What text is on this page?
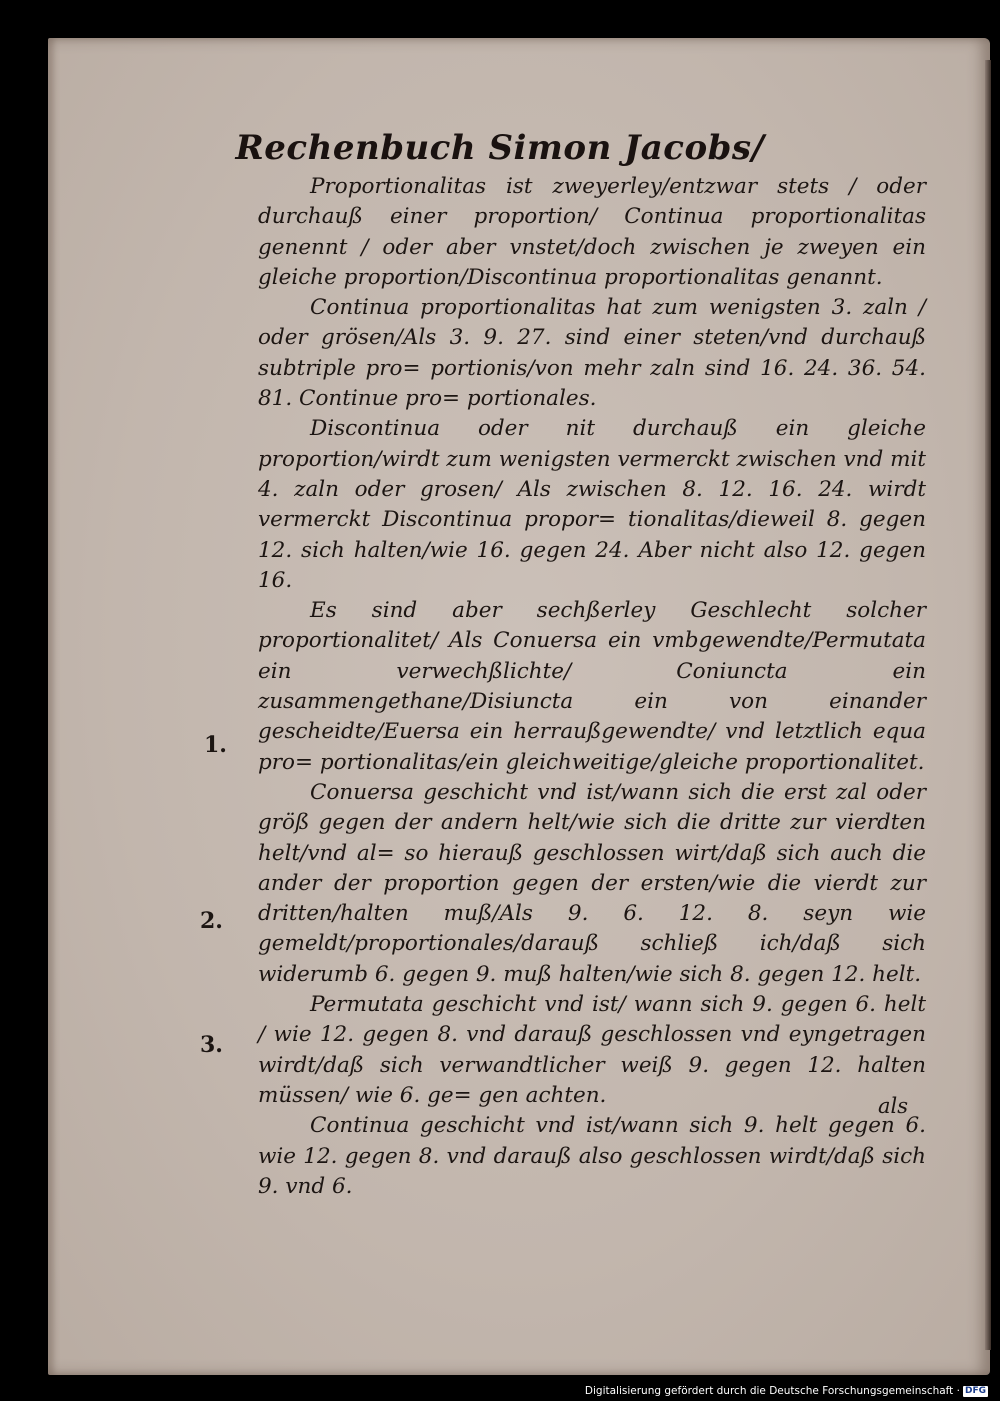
Rechenbuch Simon Jacobs/

Proportionalitas ist zweyerley/entzwar stets / oder durchauß einer proportion/ Continua proportionalitas genennt / oder aber vnstet/doch zwischen je zweyen ein gleiche proportion/Discontinua proportionalitas genannt.

Continua proportionalitas hat zum wenigsten 3. zaln / oder grösen/Als 3. 9. 27. sind einer steten/vnd durchauß subtriple pro= portionis/von mehr zaln sind 16. 24. 36. 54. 81. Continue pro= portionales.

Discontinua oder nit durchauß ein gleiche proportion/wirdt zum wenigsten vermerckt zwischen vnd mit 4. zaln oder grosen/ Als zwischen 8. 12. 16. 24. wirdt vermerckt Discontinua propor= tionalitas/dieweil 8. gegen 12. sich halten/wie 16. gegen 24. Aber nicht also 12. gegen 16.

Es sind aber sechßerley Geschlecht solcher proportionalitet/ Als Conuersa ein vmbgewendte/Permutata ein verwechßlichte/ Coniuncta ein zusammengethane/Disiuncta ein von einander gescheidte/Euersa ein herraußgewendte/ vnd letztlich equa pro= portionalitas/ein gleichweitige/gleiche proportionalitet.

Conuersa geschicht vnd ist/wann sich die erst zal oder größ gegen der andern helt/wie sich die dritte zur vierdten helt/vnd al= so hierauß geschlossen wirt/daß sich auch die ander der proportion gegen der ersten/wie die vierdt zur dritten/halten muß/Als 9. 6. 12. 8. seyn wie gemeldt/proportionales/darauß schließ ich/daß sich widerumb 6. gegen 9. muß halten/wie sich 8. gegen 12. helt.

Permutata geschicht vnd ist/ wann sich 9. gegen 6. helt / wie 12. gegen 8. vnd darauß geschlossen vnd eyngetragen wirdt/daß sich verwandtlicher weiß 9. gegen 12. halten müssen/ wie 6. ge= gen achten.

Continua geschicht vnd ist/wann sich 9. helt gegen 6. wie 12. gegen 8. vnd darauß also geschlossen wirdt/daß sich 9. vnd 6.

1.
2.
3.
als
Digitalisierung gefördert durch die Deutsche Forschungsgemeinschaft · DFG
